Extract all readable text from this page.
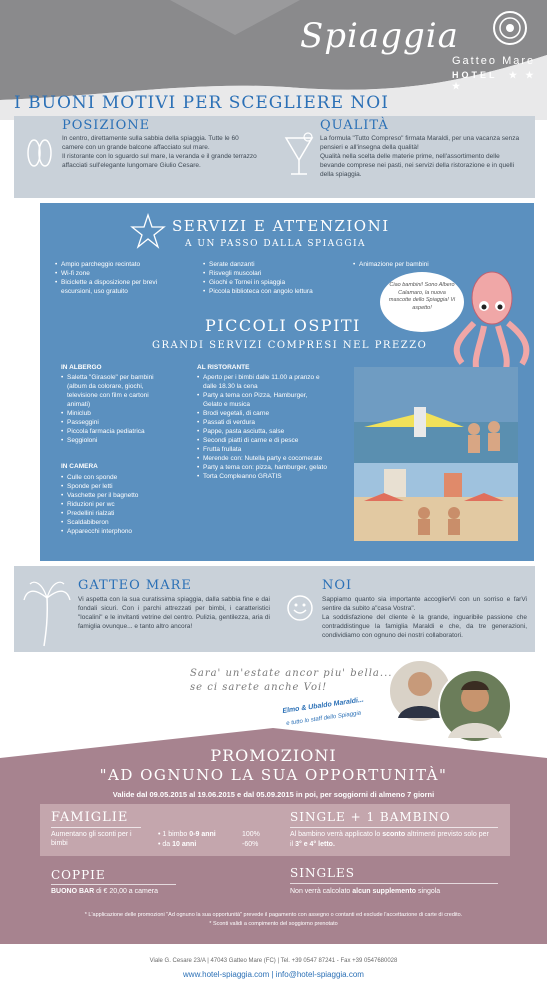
Spiaggia
Gatteo Mare
HOTEL ★ ★ ★
I BUONI MOTIVI PER SCEGLIERE NOI
POSIZIONE
In centro, direttamente sulla sabbia della spiaggia. Tutte le 60 camere con un grande balcone affacciato sul mare.
Il ristorante con lo sguardo sul mare, la veranda e il grande terrazzo affacciati sull'elegante lungomare Giulio Cesare.
QUALITÀ
La formula "Tutto Compreso" firmata Maraldi, per una vacanza senza pensieri e all'insegna della qualità!
Qualità nella scelta delle materie prime, nell'assortimento delle bevande comprese nei pasti, nei servizi della ristorazione e in quelli della spiaggia.
SERVIZI E ATTENZIONI
A UN PASSO DALLA SPIAGGIA
• Ampio parcheggio recintato
• Wi-fi zone
• Biciclette a disposizione per brevi escursioni, uso gratuito
• Serate danzanti
• Risvegli muscolari
• Giochi e Tornei in spiaggia
• Piccola biblioteca con angolo lettura
• Animazione per bambini
Ciao bambini! Sono Albero Calamaro, la nuova mascotte dello Spiaggia! Vi aspetto!
PICCOLI OSPITI
GRANDI SERVIZI COMPRESI NEL PREZZO
IN ALBERGO
• Saletta "Girasole" per bambini (album da colorare, giochi, televisione con film e cartoni animati)
• Miniclub
• Passeggini
• Piccola farmacia pediatrica
• Seggioloni
IN CAMERA
• Culle con sponde
• Sponde per letti
• Vaschette per il bagnetto
• Riduzioni per wc
• Predellini rialzati
• Scaldabiberon
• Apparecchi interphono
AL RISTORANTE
• Aperto per i bimbi dalle 11.00 a pranzo e dalle 18.30 la cena
• Party a tema con Pizza, Hamburger, Gelato e musica
• Brodi vegetali, di carne
• Passati di verdura
• Pappe, pasta asciutta, salse
• Secondi piatti di carne e di pesce
• Frutta frullata
• Merende con: Nutella party e cocomerate
• Party a tema con: pizza, hamburger, gelato
• Torta Compleanno GRATIS
GATTEO MARE
Vi aspetta con la sua curatissima spiaggia, dalla sabbia fine e dai fondali sicuri. Con i parchi attrezzati per bimbi, i caratteristici "localini" e le invitanti vetrine del centro. Pulizia, gentilezza, aria di famiglia ovunque... e tanto altro ancora!
NOI
Sappiamo quanto sia importante accoglierVi con un sorriso e farVi sentire da subito a"casa Vostra".
La soddisfazione del cliente è la grande, inguaribile passione che contraddistingue la famiglia Maraldi e che, da tre generazioni, condividiamo con ognuno dei nostri collaboratori.
Sara' un'estate ancor piu' bella...
se ci sarete anche Voi!
Elmo & Ubaldo Maraldi...
e tutto lo staff dello Spiaggia
PROMOZIONI
"AD OGNUNO LA SUA OPPORTUNITÀ"
Valide dal 09.05.2015 al 19.06.2015 e dal 05.09.2015 in poi, per soggiorni di almeno 7 giorni
FAMIGLIE
Aumentano gli sconti per i bimbi
• 1 bimbo 0-9 anni
• da 10 anni
100%
-60%
SINGLE + 1 BAMBINO
Al bambino verrà applicato lo sconto altrimenti previsto solo per il 3° e 4° letto.
COPPIE
BUONO BAR di € 20,00 a camera
SINGLES
Non verrà calcolato alcun supplemento singola
* L'applicazione delle promozioni "Ad ognuno la sua opportunità" prevede il pagamento con assegno o contanti ed esclude l'accettazione di carte di credito.
* Sconti validi a compimento del soggiorno prenotato
Viale G. Cesare 23/A | 47043 Gatteo Mare (FC) | Tel. +39 0547 87241 - Fax +39 0547680028
www.hotel-spiaggia.com | info@hotel-spiaggia.com
